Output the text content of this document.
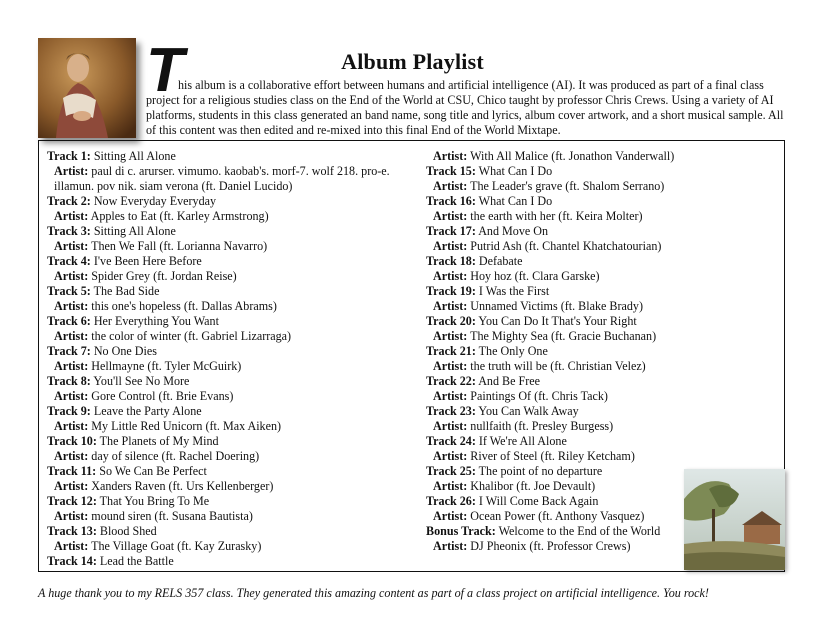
Album Playlist
T

his album is a collaborative effort between humans and artificial intelligence (AI). It was produced as part of a final class project for a religious studies class on the End of the World at CSU, Chico taught by professor Chris Crews. Using a variety of AI platforms, students in this class generated an band name, song title and lyrics, album cover artwork, and a short musical sample. All of this content was then edited and re-mixed into this final End of the World Mixtape.

Track 1: Sitting All Alone
Artist: paul di c. arurser. vimumo. kaobab's. morf-7. wolf 218. pro-e. illamun. pov nik. siam verona (ft. Daniel Lucido)
Track 2: Now Everyday Everyday
Artist: Apples to Eat (ft. Karley Armstrong)
Track 3: Sitting All Alone
Artist: Then We Fall (ft. Lorianna Navarro)
Track 4: I've Been Here Before
Artist: Spider Grey (ft. Jordan Reise)
Track 5: The Bad Side
Artist: this one's hopeless (ft. Dallas Abrams)
Track 6: Her Everything You Want
Artist: the color of winter (ft. Gabriel Lizarraga)
Track 7: No One Dies
Artist: Hellmayne (ft. Tyler McGuirk)
Track 8: You'll See No More
Artist: Gore Control (ft. Brie Evans)
Track 9: Leave the Party Alone
Artist: My Little Red Unicorn (ft. Max Aiken)
Track 10: The Planets of My Mind
Artist: day of silence (ft. Rachel Doering)
Track 11: So We Can Be Perfect
Artist: Xanders Raven (ft. Urs Kellenberger)
Track 12: That You Bring To Me
Artist: mound siren (ft. Susana Bautista)
Track 13: Blood Shed
Artist: The Village Goat (ft. Kay Zurasky)
Track 14: Lead the Battle
Artist: With All Malice (ft. Jonathon Vanderwall)
Track 15: What Can I Do
Artist: The Leader's grave (ft. Shalom Serrano)
Track 16: What Can I Do
Artist: the earth with her (ft. Keira Molter)
Track 17: And Move On
Artist: Putrid Ash (ft. Chantel Khatchatourian)
Track 18: Defabate
Artist: Hoy hoz (ft. Clara Garske)
Track 19: I Was the First
Artist: Unnamed Victims (ft. Blake Brady)
Track 20: You Can Do It That's Your Right
Artist: The Mighty Sea (ft. Gracie Buchanan)
Track 21: The Only One
Artist: the truth will be (ft. Christian Velez)
Track 22: And Be Free
Artist: Paintings Of (ft. Chris Tack)
Track 23: You Can Walk Away
Artist: nullfaith (ft. Presley Burgess)
Track 24: If We're All Alone
Artist: River of Steel (ft. Riley Ketcham)
Track 25: The point of no departure
Artist: Khalibor (ft. Joe Devault)
Track 26: I Will Come Back Again
Artist: Ocean Power (ft. Anthony Vasquez)
Bonus Track: Welcome to the End of the World
Artist: DJ Pheonix (ft. Professor Crews)
A huge thank you to my RELS 357 class. They generated this amazing content as part of a class project on artificial intelligence. You rock!
